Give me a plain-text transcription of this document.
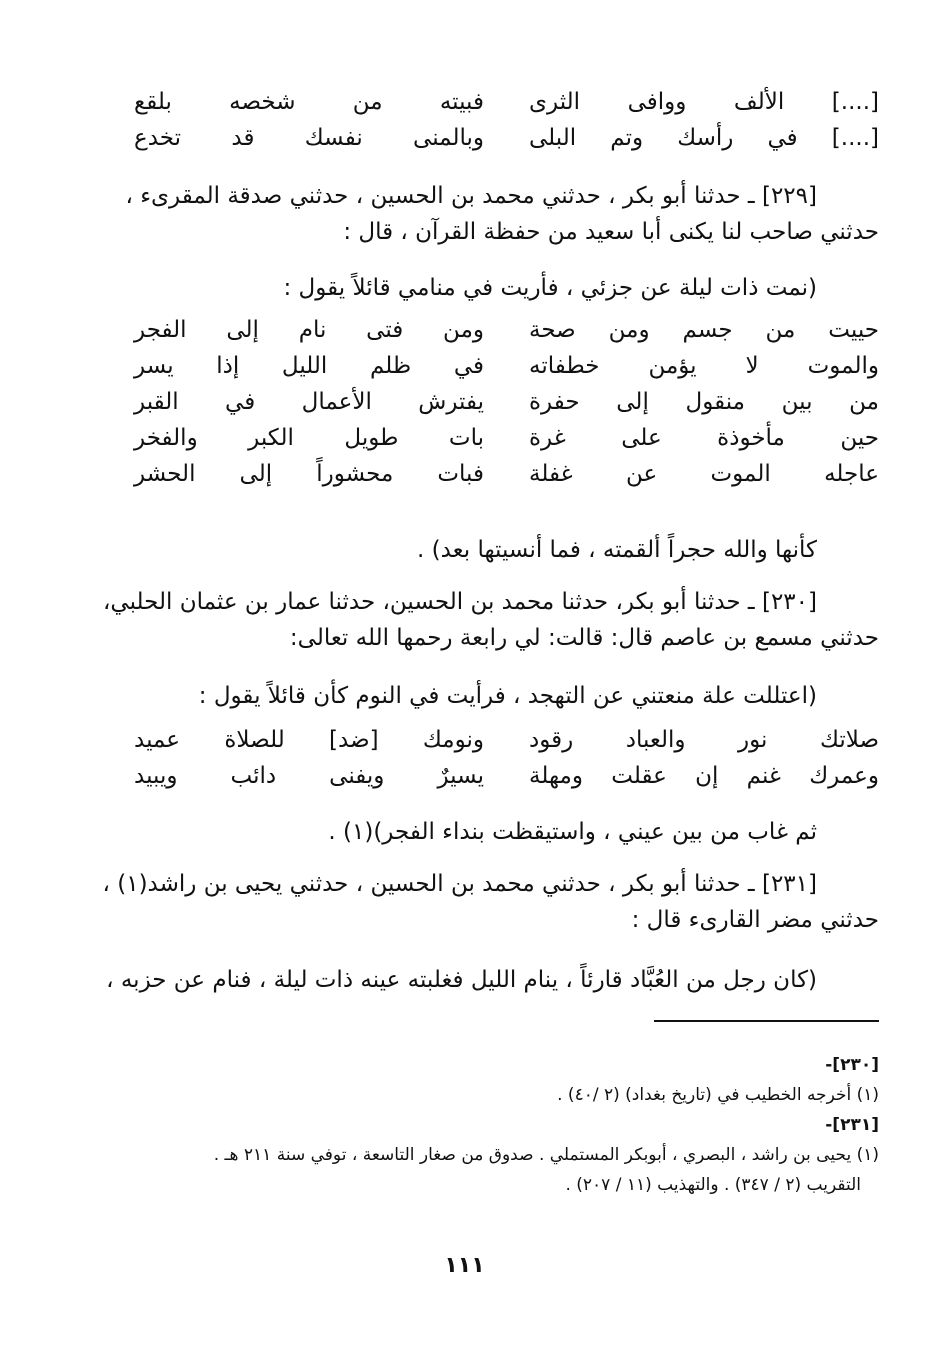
[....] الألف ووافى الثرى
فبيته من شخصه بلقع
[....] في رأسك وتم البلى
وبالمنى نفسك قد تخدع
[٢٢٩] ـ حدثنا أبو بكر ، حدثني محمد بن الحسين ، حدثني صدقة المقرىء ،
حدثني صاحب لنا يكنى أبا سعيد من حفظة القرآن ، قال :
(نمت ذات ليلة عن جزئي ، فأريت في منامي قائلاً يقول :
حييت من جسم ومن صحة
ومن فتى نام إلى الفجر
والموت لا يؤمن خطفاته
في ظلم الليل إذا يسر
من بين منقول إلى حفرة
يفترش الأعمال في القبر
حين مأخوذة على غرة
بات طويل الكبر والفخر
عاجله الموت عن غفلة
فبات محشوراً إلى الحشر
كأنها والله حجراً ألقمته ، فما أنسيتها بعد) .
[٢٣٠] ـ حدثنا أبو بكر، حدثنا محمد بن الحسين، حدثنا عمار بن عثمان الحلبي،
حدثني مسمع بن عاصم قال: قالت: لي رابعة رحمها الله تعالى:
(اعتللت علة منعتني عن التهجد ، فرأيت في النوم كأن قائلاً يقول :
صلاتك نور والعباد رقود
ونومك [ضد] للصلاة عميد
وعمرك غنم إن عقلت ومهلة
يسيرٌ ويفنى دائب ويبيد
ثم غاب من بين عيني ، واستيقظت بنداء الفجر)(١) .
[٢٣١] ـ حدثنا أبو بكر ، حدثني محمد بن الحسين ، حدثني يحيى بن راشد(١) ،
حدثني مضر القارىء قال :
(كان رجل من العُبَّاد قارئاً ، ينام الليل فغلبته عينه ذات ليلة ، فنام عن حزبه ،
[٢٣٠]-
(١) أخرجه الخطيب في (تاريخ بغداد) (٢ /٤٠) .
[٢٣١]-
(١) يحيى بن راشد ، البصري ، أبوبكر المستملي . صدوق من صغار التاسعة ، توفي سنة ٢١١ هـ .
التقريب (٢ / ٣٤٧) . والتهذيب (١١ / ٢٠٧) .
١١١
